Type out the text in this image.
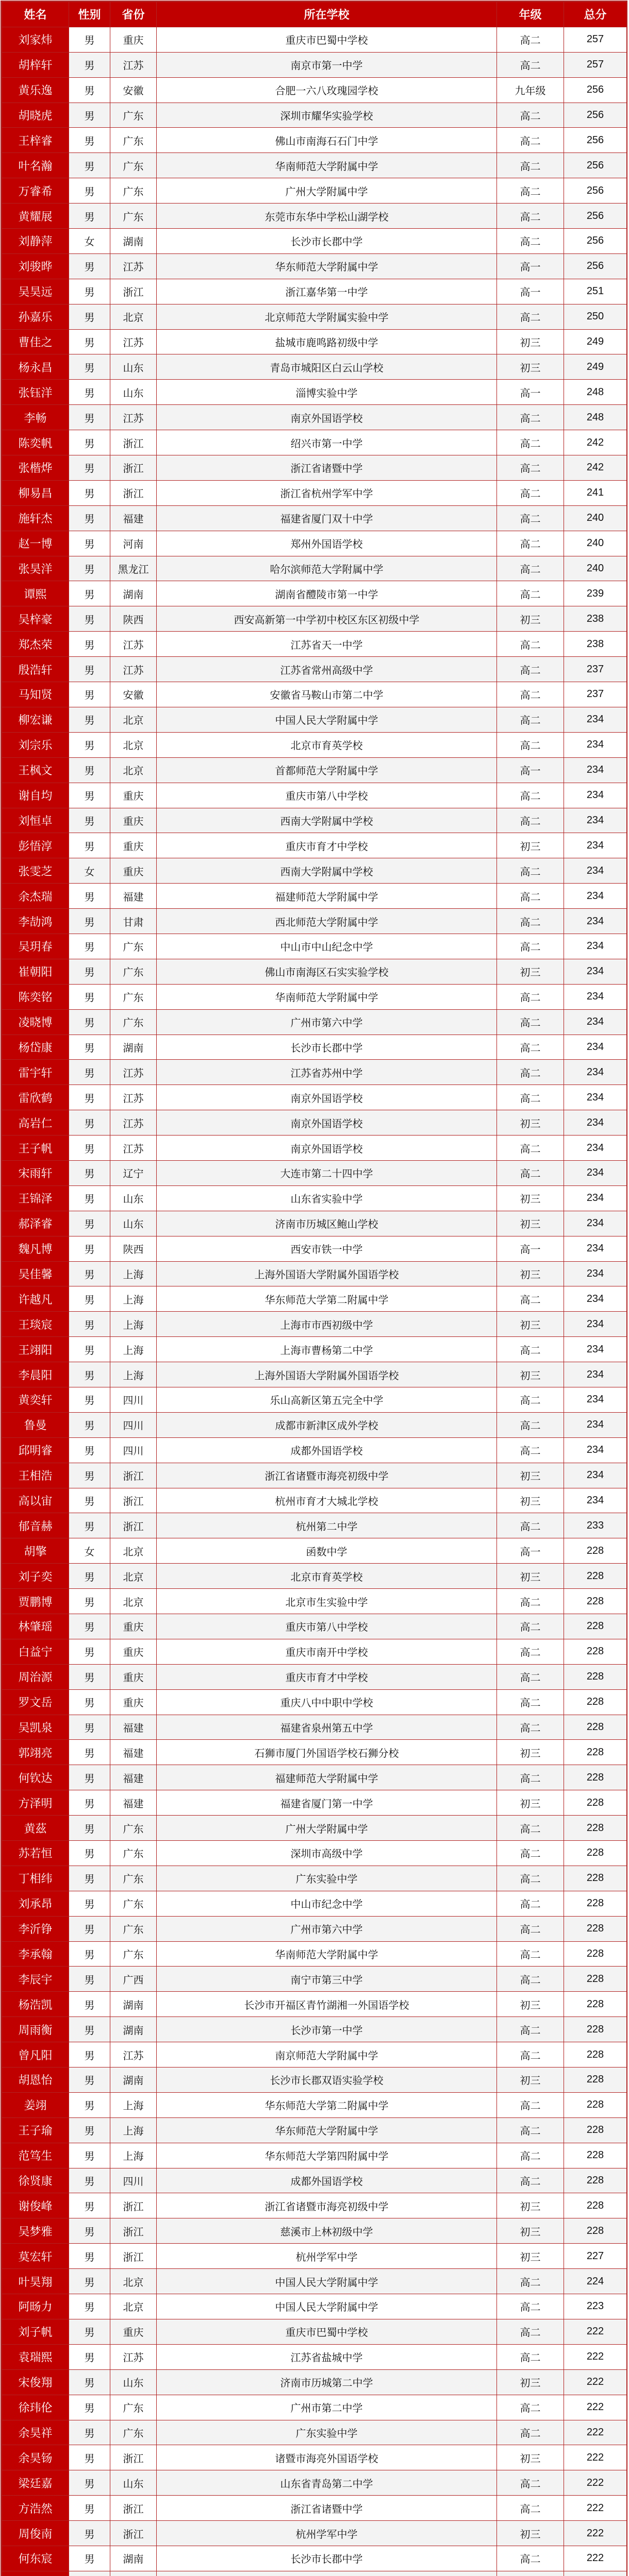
姓名	性别	省份	所在学校	年级	总分
刘家炜	男	重庆	重庆市巴蜀中学校	高二	257
胡梓轩	男	江苏	南京市第一中学	高二	257
黄乐逸	男	安徽	合肥一六八玫瑰园学校	九年级	256
胡晓虎	男	广东	深圳市耀华实验学校	高二	256
王梓睿	男	广东	佛山市南海石石门中学	高二	256
叶名瀚	男	广东	华南师范大学附属中学	高二	256
万睿希	男	广东	广州大学附属中学	高二	256
黄耀展	男	广东	东莞市东华中学松山湖学校	高二	256
刘静萍	女	湖南	长沙市长郡中学	高二	256
刘骏晔	男	江苏	华东师范大学附属中学	高一	256
吴昊远	男	浙江	浙江嘉华第一中学	高一	251
孙嘉乐	男	北京	北京师范大学附属实验中学	高二	250
曹佳之	男	江苏	盐城市鹿鸣路初级中学	初三	249
杨永昌	男	山东	青岛市城阳区白云山学校	初三	249
张钰洋	男	山东	淄博实验中学	高一	248
李畅	男	江苏	南京外国语学校	高二	248
陈奕帆	男	浙江	绍兴市第一中学	高二	242
张楷烨	男	浙江	浙江省诸暨中学	高二	242
柳易昌	男	浙江	浙江省杭州学军中学	高二	241
施轩杰	男	福建	福建省厦门双十中学	高二	240
赵一博	男	河南	郑州外国语学校	高二	240
张昊洋	男	黑龙江	哈尔滨师范大学附属中学	高二	240
谭熙	男	湖南	湖南省醴陵市第一中学	高二	239
吴梓豪	男	陕西	西安高新第一中学初中校区东区初级中学	初三	238
郑杰荣	男	江苏	江苏省天一中学	高二	238
殷浩轩	男	江苏	江苏省常州高级中学	高二	237
马知贤	男	安徽	安徽省马鞍山市第二中学	高二	237
柳宏谦	男	北京	中国人民大学附属中学	高二	234
刘宗乐	男	北京	北京市育英学校	高二	234
王枫文	男	北京	首都师范大学附属中学	高一	234
谢自均	男	重庆	重庆市第八中学校	高二	234
刘恒卓	男	重庆	西南大学附属中学校	高二	234
彭悟淳	男	重庆	重庆市育才中学校	初三	234
张雯芝	女	重庆	西南大学附属中学校	高二	234
余杰瑞	男	福建	福建师范大学附属中学	高二	234
李劼鸿	男	甘肃	西北师范大学附属中学	高二	234
吴玥春	男	广东	中山市中山纪念中学	高二	234
崔朝阳	男	广东	佛山市南海区石实实验学校	初三	234
陈奕铭	男	广东	华南师范大学附属中学	高二	234
凌晓博	男	广东	广州市第六中学	高二	234
杨岱康	男	湖南	长沙市长郡中学	高二	234
雷宇轩	男	江苏	江苏省苏州中学	高二	234
雷欣鹤	男	江苏	南京外国语学校	高二	234
高岩仁	男	江苏	南京外国语学校	初三	234
王子帆	男	江苏	南京外国语学校	高二	234
宋雨轩	男	辽宁	大连市第二十四中学	高二	234
王锦泽	男	山东	山东省实验中学	初三	234
郝泽睿	男	山东	济南市历城区鲍山学校	初三	234
魏凡博	男	陕西	西安市铁一中学	高一	234
吴佳馨	男	上海	上海外国语大学附属外国语学校	初三	234
许越凡	男	上海	华东师范大学第二附属中学	高二	234
王琰宸	男	上海	上海市市西初级中学	初三	234
王翊阳	男	上海	上海市曹杨第二中学	高二	234
李晨阳	男	上海	上海外国语大学附属外国语学校	初三	234
黄奕轩	男	四川	乐山高新区第五完全中学	高二	234
鲁曼	男	四川	成都市新津区成外学校	高二	234
邱明睿	男	四川	成都外国语学校	高二	234
王相浩	男	浙江	浙江省诸暨市海亮初级中学	初三	234
高以宙	男	浙江	杭州市育才大城北学校	初三	234
郁音赫	男	浙江	杭州第二中学	高二	233
胡擎	女	北京	函数中学	高一	228
刘子奕	男	北京	北京市育英学校	初三	228
贾鹏博	男	北京	北京市生实验中学	高二	228
林肇瑶	男	重庆	重庆市第八中学校	高二	228
白益宁	男	重庆	重庆市南开中学校	高二	228
周治源	男	重庆	重庆市育才中学校	高二	228
罗文岳	男	重庆	重庆八中中职中学校	高二	228
吴凯泉	男	福建	福建省泉州第五中学	高二	228
郭翊亮	男	福建	石狮市厦门外国语学校石狮分校	初三	228
何钦达	男	福建	福建师范大学附属中学	高二	228
方泽明	男	福建	福建省厦门第一中学	初三	228
黄茲	男	广东	广州大学附属中学	高二	228
苏若恒	男	广东	深圳市高级中学	高二	228
丁相纬	男	广东	广东实验中学	高二	228
刘承昂	男	广东	中山市纪念中学	高二	228
李沂铮	男	广东	广州市第六中学	高二	228
李承翰	男	广东	华南师范大学附属中学	高二	228
李辰宇	男	广西	南宁市第三中学	高二	228
杨浩凯	男	湖南	长沙市开福区青竹湖湘一外国语学校	初三	228
周雨衡	男	湖南	长沙市第一中学	高二	228
曾凡阳	男	江苏	南京师范大学附属中学	高二	228
胡恩怡	男	湖南	长沙市长郡双语实验学校	初三	228
姜翊	男	上海	华东师范大学第二附属中学	高二	228
王子瑜	男	上海	华东师范大学附属中学	高二	228
范笃生	男	上海	华东师范大学第四附属中学	高二	228
徐贤康	男	四川	成都外国语学校	高二	228
谢俊峰	男	浙江	浙江省诸暨市海亮初级中学	初三	228
吴梦雅	男	浙江	慈溪市上林初级中学	初三	228
莫宏轩	男	浙江	杭州学军中学	初三	227
叶昊翔	男	北京	中国人民大学附属中学	高二	224
阿旸力	男	北京	中国人民大学附属中学	高二	223
刘子帆	男	重庆	重庆市巴蜀中学校	高二	222
袁瑞熙	男	江苏	江苏省盐城中学	高二	222
宋俊翔	男	山东	济南市历城第二中学	初三	222
徐玮伦	男	广东	广州市第二中学	高二	222
余昊祥	男	广东	广东实验中学	高二	222
余昊钖	男	浙江	诸暨市海亮外国语学校	初三	222
梁廷嘉	男	山东	山东省青岛第二中学	高二	222
方浩然	男	浙江	浙江省诸暨中学	高二	222
周俊南	男	浙江	杭州学军中学	初三	222
何东宸	男	湖南	长沙市长郡中学	高二	222
